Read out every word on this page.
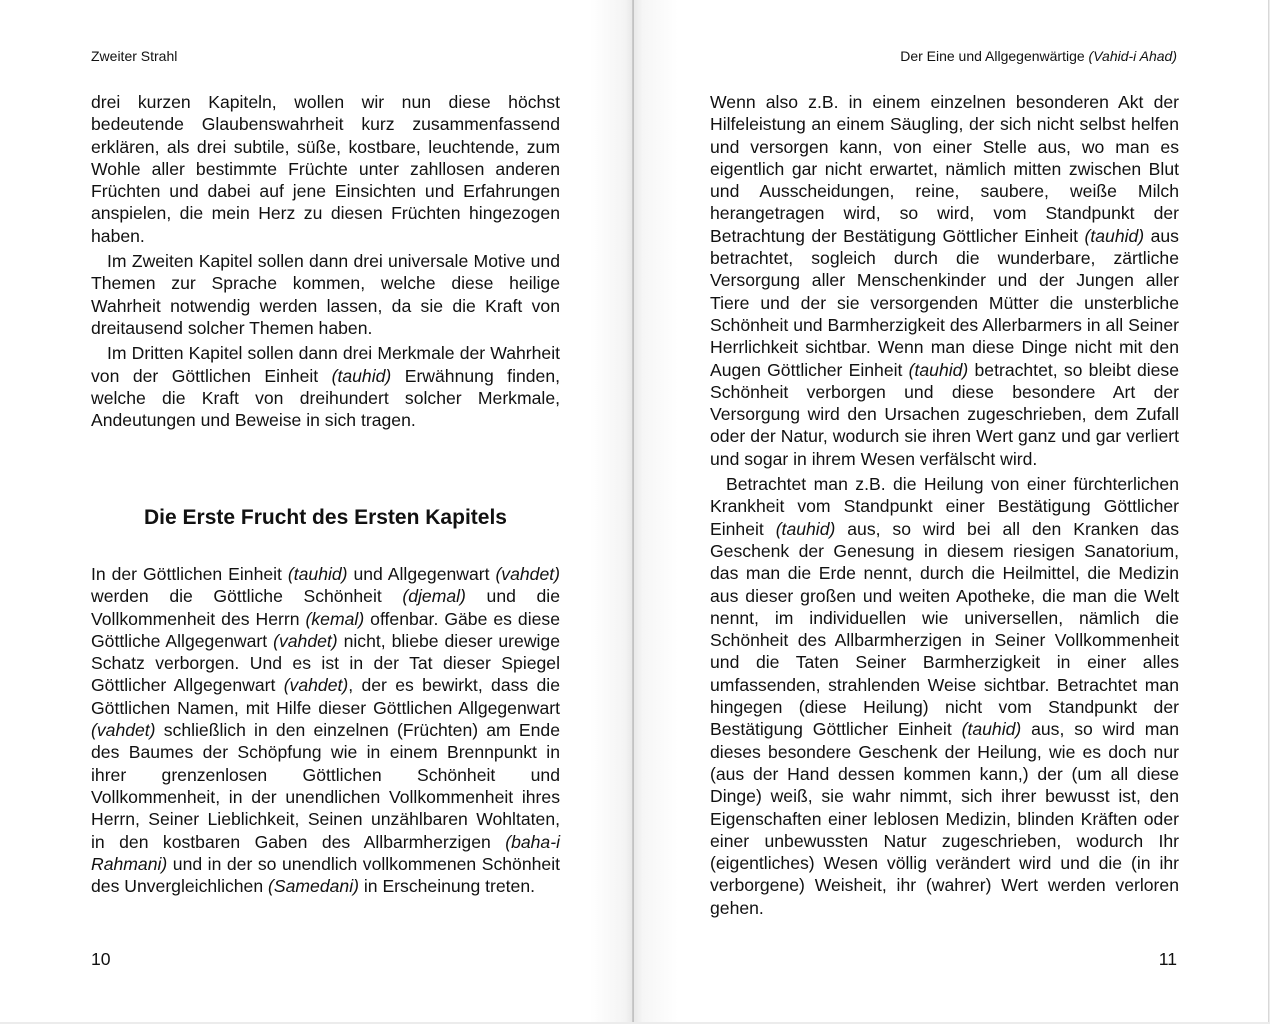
Zweiter Strahl

drei kurzen Kapiteln, wollen wir nun diese höchst bedeutende Glaubenswahrheit kurz zusammenfassend erklären, als drei subtile, süße, kostbare, leuchtende, zum Wohle aller bestimmte Früchte unter zahllosen anderen Früchten und dabei auf jene Einsichten und Erfahrungen anspielen, die mein Herz zu diesen Früchten hingezogen haben.

Im Zweiten Kapitel sollen dann drei universale Motive und Themen zur Sprache kommen, welche diese heilige Wahrheit notwendig werden lassen, da sie die Kraft von dreitausend solcher Themen haben.

Im Dritten Kapitel sollen dann drei Merkmale der Wahrheit von der Göttlichen Einheit (tauhid) Erwähnung finden, welche die Kraft von dreihundert solcher Merkmale, Andeutungen und Beweise in sich tragen.

Die Erste Frucht des Ersten Kapitels

In der Göttlichen Einheit (tauhid) und Allgegenwart (vahdet) werden die Göttliche Schönheit (djemal) und die Vollkommenheit des Herrn (kemal) offenbar. Gäbe es diese Göttliche Allgegenwart (vahdet) nicht, bliebe dieser urewige Schatz verborgen. Und es ist in der Tat dieser Spiegel Göttlicher Allgegenwart (vahdet), der es bewirkt, dass die Göttlichen Namen, mit Hilfe dieser Göttlichen Allgegenwart (vahdet) schließlich in den einzelnen (Früchten) am Ende des Baumes der Schöpfung wie in einem Brennpunkt in ihrer grenzenlosen Göttlichen Schönheit und Vollkommenheit, in der unendlichen Vollkommenheit ihres Herrn, Seiner Lieblichkeit, Seinen unzählbaren Wohltaten, in den kostbaren Gaben des Allbarmherzigen (baha-i Rahmani) und in der so unendlich vollkommenen Schönheit des Unvergleichlichen (Samedani) in Erscheinung treten.

10
Der Eine und Allgegenwärtige (Vahid-i Ahad)

Wenn also z.B. in einem einzelnen besonderen Akt der Hilfeleistung an einem Säugling, der sich nicht selbst helfen und versorgen kann, von einer Stelle aus, wo man es eigentlich gar nicht erwartet, nämlich mitten zwischen Blut und Ausscheidungen, reine, saubere, weiße Milch herangetragen wird, so wird, vom Standpunkt der Betrachtung der Bestätigung Göttlicher Einheit (tauhid) aus betrachtet, sogleich durch die wunderbare, zärtliche Versorgung aller Menschenkinder und der Jungen aller Tiere und der sie versorgenden Mütter die unsterbliche Schönheit und Barmherzigkeit des Allerbarmers in all Seiner Herrlichkeit sichtbar. Wenn man diese Dinge nicht mit den Augen Göttlicher Einheit (tauhid) betrachtet, so bleibt diese Schönheit verborgen und diese besondere Art der Versorgung wird den Ursachen zugeschrieben, dem Zufall oder der Natur, wodurch sie ihren Wert ganz und gar verliert und sogar in ihrem Wesen verfälscht wird.

Betrachtet man z.B. die Heilung von einer fürchterlichen Krankheit vom Standpunkt einer Bestätigung Göttlicher Einheit (tauhid) aus, so wird bei all den Kranken das Geschenk der Genesung in diesem riesigen Sanatorium, das man die Erde nennt, durch die Heilmittel, die Medizin aus dieser großen und weiten Apotheke, die man die Welt nennt, im individuellen wie universellen, nämlich die Schönheit des Allbarmherzigen in Seiner Vollkommenheit und die Taten Seiner Barmherzigkeit in einer alles umfassenden, strahlenden Weise sichtbar. Betrachtet man hingegen (diese Heilung) nicht vom Standpunkt der Bestätigung Göttlicher Einheit (tauhid) aus, so wird man dieses besondere Geschenk der Heilung, wie es doch nur (aus der Hand dessen kommen kann,) der (um all diese Dinge) weiß, sie wahr nimmt, sich ihrer bewusst ist, den Eigenschaften einer leblosen Medizin, blinden Kräften oder einer unbewussten Natur zugeschrieben, wodurch Ihr (eigentliches) Wesen völlig verändert wird und die (in ihr verborgene) Weisheit, ihr (wahrer) Wert werden verloren gehen.

11
